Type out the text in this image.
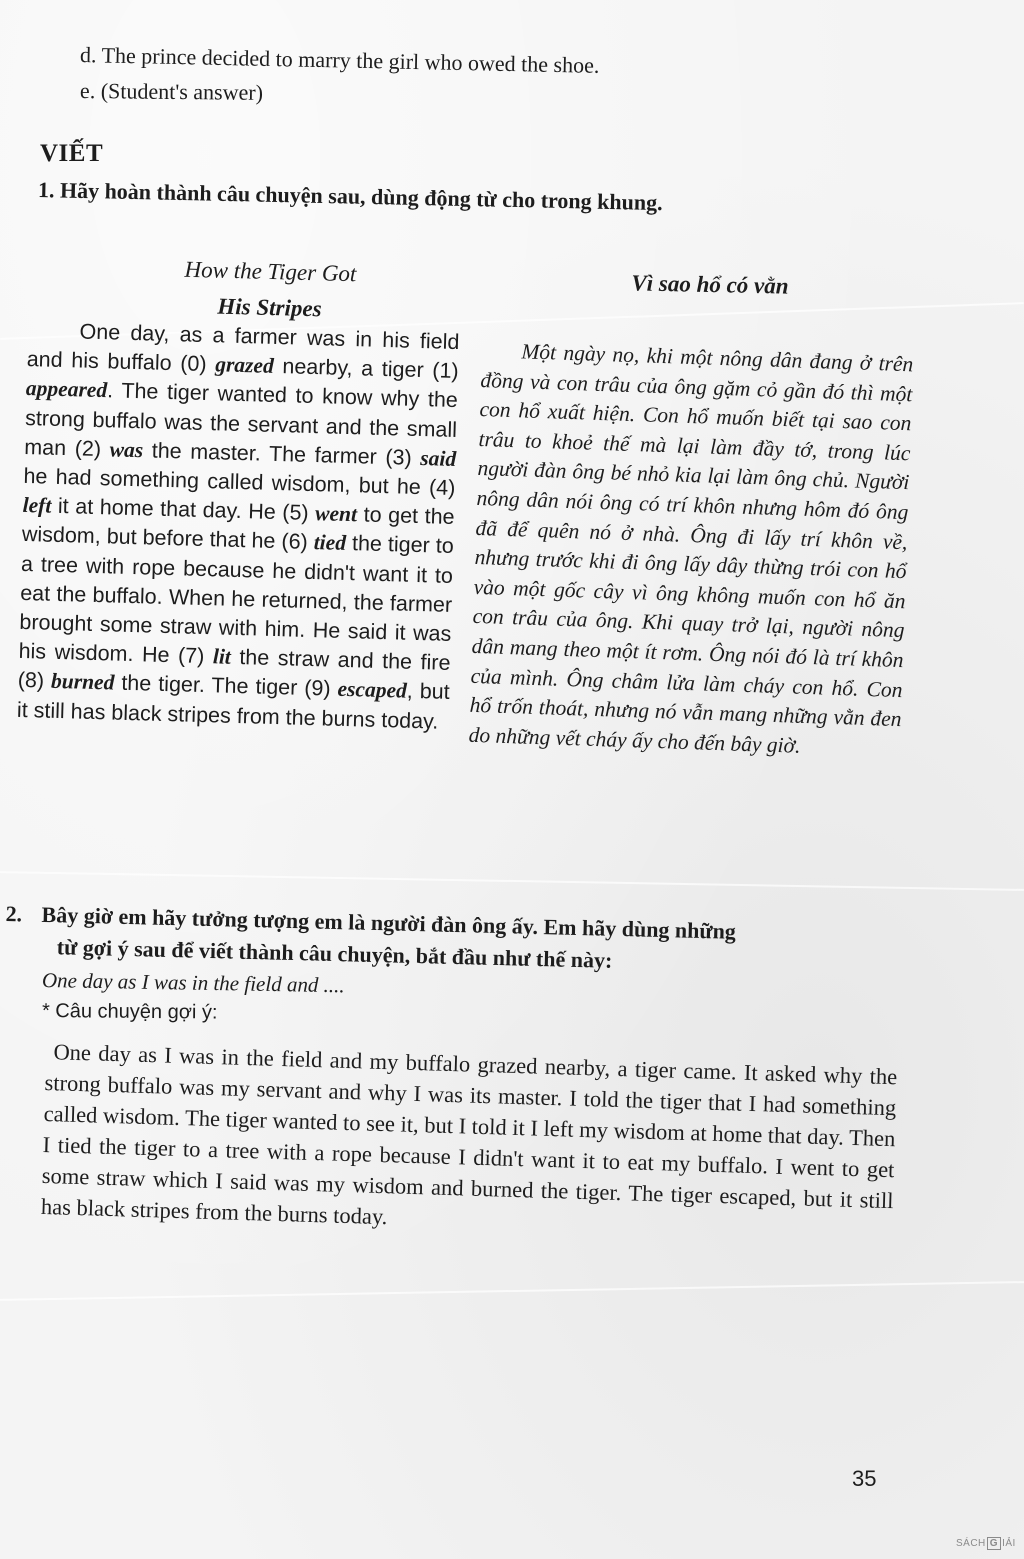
d. The prince decided to marry the girl who owed the shoe.
e. (Student's answer)
VIẾT
1. Hãy hoàn thành câu chuyện sau, dùng động từ cho trong khung.
How the Tiger Got
His Stripes
Vì sao hổ có vằn
One day, as a farmer was in his field and his buffalo (0) grazed nearby, a tiger (1) appeared. The tiger wanted to know why the strong buffalo was the servant and the small man (2) was the master. The farmer (3) said he had something called wisdom, but he (4) left it at home that day. He (5) went to get the wisdom, but before that he (6) tied the tiger to a tree with rope because he didn't want it to eat the buffalo. When he returned, the farmer brought some straw with him. He said it was his wisdom. He (7) lit the straw and the fire (8) burned the tiger. The tiger (9) escaped, but it still has black stripes from the burns today.
Một ngày nọ, khi một nông dân đang ở trên đồng và con trâu của ông gặm cỏ gần đó thì một con hổ xuất hiện. Con hổ muốn biết tại sao con trâu to khoẻ thế mà lại làm đầy tớ, trong lúc người đàn ông bé nhỏ kia lại làm ông chủ. Người nông dân nói ông có trí khôn nhưng hôm đó ông đã để quên nó ở nhà. Ông đi lấy trí khôn về, nhưng trước khi đi ông lấy dây thừng trói con hổ vào một gốc cây vì ông không muốn con hổ ăn con trâu của ông. Khi quay trở lại, người nông dân mang theo một ít rơm. Ông nói đó là trí khôn của mình. Ông châm lửa làm cháy con hổ. Con hổ trốn thoát, nhưng nó vẫn mang những vằn đen do những vết cháy ấy cho đến bây giờ.
2. Bây giờ em hãy tưởng tượng em là người đàn ông ấy. Em hãy dùng những
từ gợi ý sau để viết thành câu chuyện, bắt đầu như thế này:
One day as I was in the field and ....
* Câu chuyện gợi ý:
One day as I was in the field and my buffalo grazed nearby, a tiger came. It asked why the strong buffalo was my servant and why I was its master. I told the tiger that I had something called wisdom. The tiger wanted to see it, but I told it I left my wisdom at home that day. Then I tied the tiger to a tree with a rope because I didn't want it to eat my buffalo. I went to get some straw which I said was my wisdom and burned the tiger. The tiger escaped, but it still has black stripes from the burns today.
35
SÁCH G IẢI
